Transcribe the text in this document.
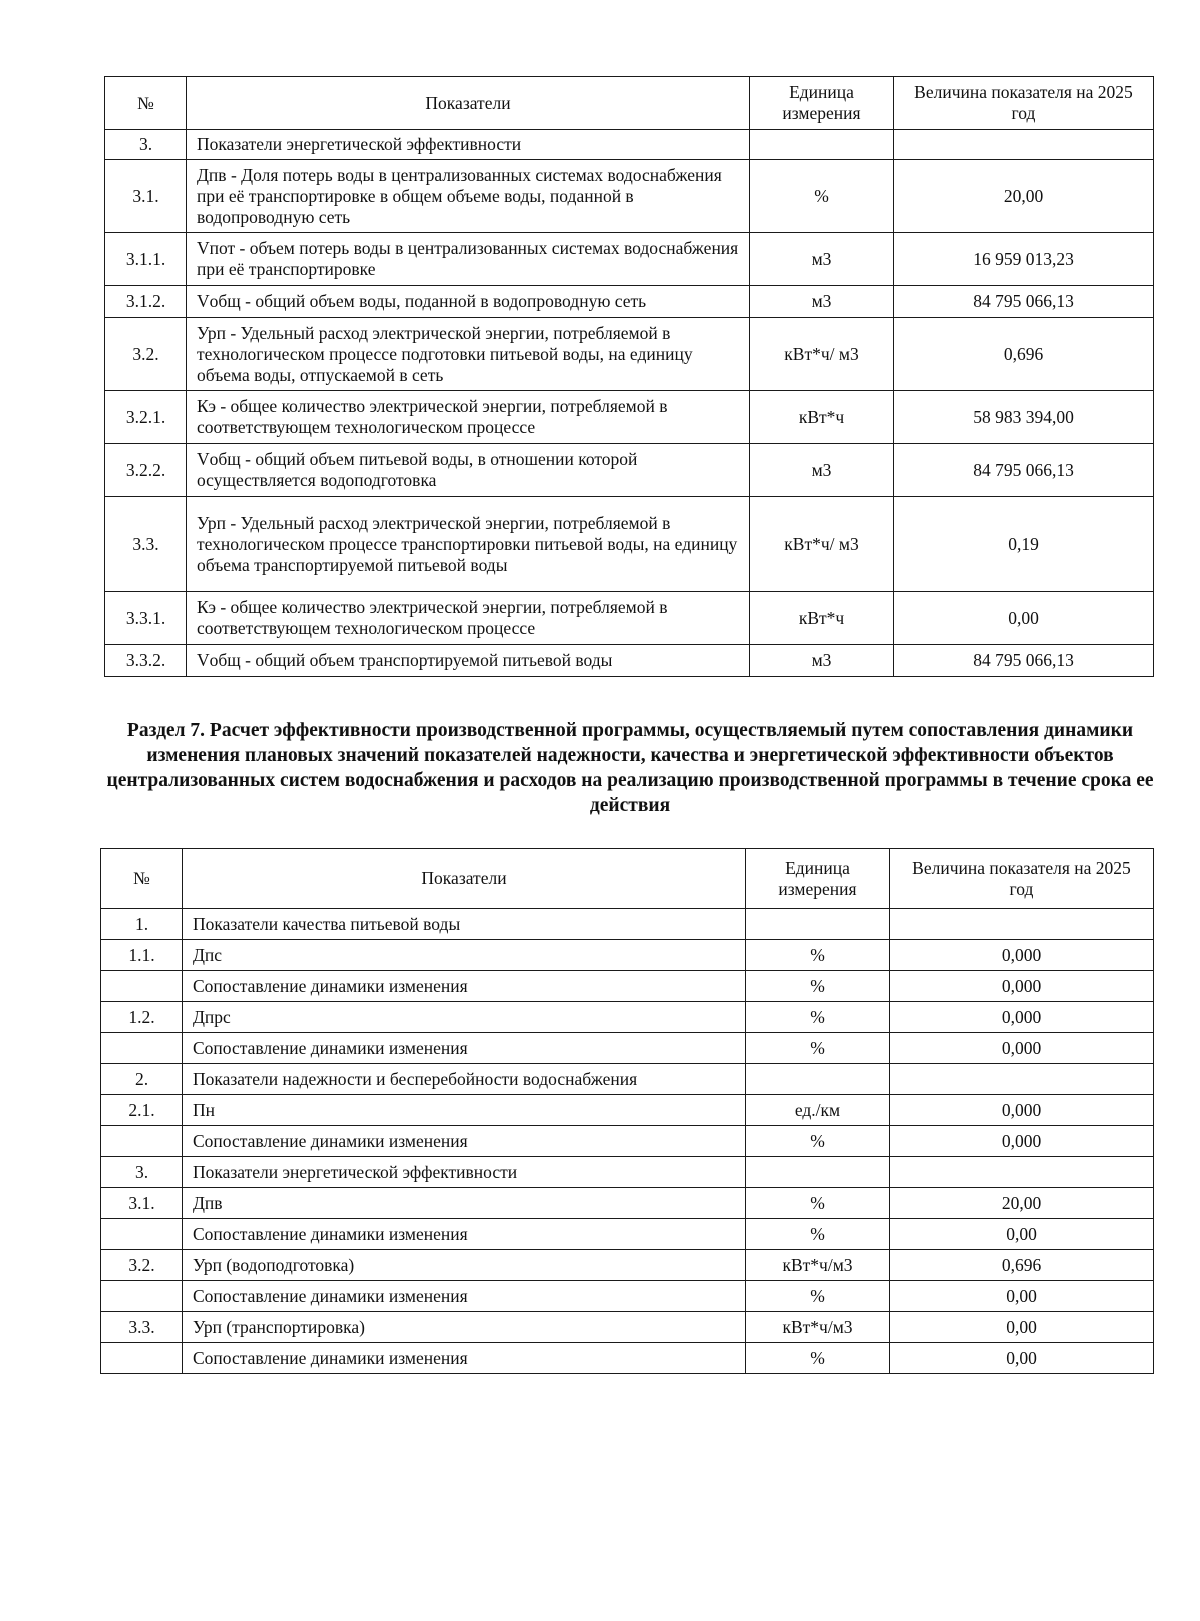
№	Показатели	Единица измерения	Величина показателя на 2025 год
3.	Показатели энергетической эффективности		
3.1.	Дпв - Доля потерь воды в централизованных системах водоснабжения при её транспортировке в общем объеме воды, поданной в водопроводную сеть	%	20,00
3.1.1.	Vпот - объем потерь воды в централизованных системах водоснабжения при её транспортировке	м3	16 959 013,23
3.1.2.	Vобщ - общий объем воды, поданной в водопроводную сеть	м3	84 795 066,13
3.2.	Урп - Удельный расход электрической энергии, потребляемой в технологическом процессе подготовки питьевой воды, на единицу объема воды, отпускаемой в сеть	кВт*ч/ м3	0,696
3.2.1.	Кэ - общее количество электрической энергии, потребляемой в соответствующем технологическом процессе	кВт*ч	58 983 394,00
3.2.2.	Vобщ - общий объем питьевой воды, в отношении которой осуществляется водоподготовка	м3	84 795 066,13
3.3.	Урп - Удельный расход электрической энергии, потребляемой в технологическом процессе транспортировки питьевой воды, на единицу объема транспортируемой питьевой воды	кВт*ч/ м3	0,19
3.3.1.	Кэ - общее количество электрической энергии, потребляемой в соответствующем технологическом процессе	кВт*ч	0,00
3.3.2.	Vобщ - общий объем транспортируемой питьевой воды	м3	84 795 066,13
Раздел 7. Расчет эффективности производственной программы, осуществляемый путем сопоставления динамики изменения плановых значений показателей надежности, качества и энергетической эффективности объектов централизованных систем водоснабжения и расходов на реализацию производственной программы в течение срока ее действия
№	Показатели	Единица измерения	Величина показателя на 2025 год
1.	Показатели качества питьевой воды		
1.1.	Дпс	%	0,000
	Сопоставление динамики изменения	%	0,000
1.2.	Дпрс	%	0,000
	Сопоставление динамики изменения	%	0,000
2.	Показатели надежности и бесперебойности водоснабжения		
2.1.	Пн	ед./км	0,000
	Сопоставление динамики изменения	%	0,000
3.	Показатели энергетической эффективности		
3.1.	Дпв	%	20,00
	Сопоставление динамики изменения	%	0,00
3.2.	Урп (водоподготовка)	кВт*ч/м3	0,696
	Сопоставление динамики изменения	%	0,00
3.3.	Урп (транспортировка)	кВт*ч/м3	0,00
	Сопоставление динамики изменения	%	0,00
